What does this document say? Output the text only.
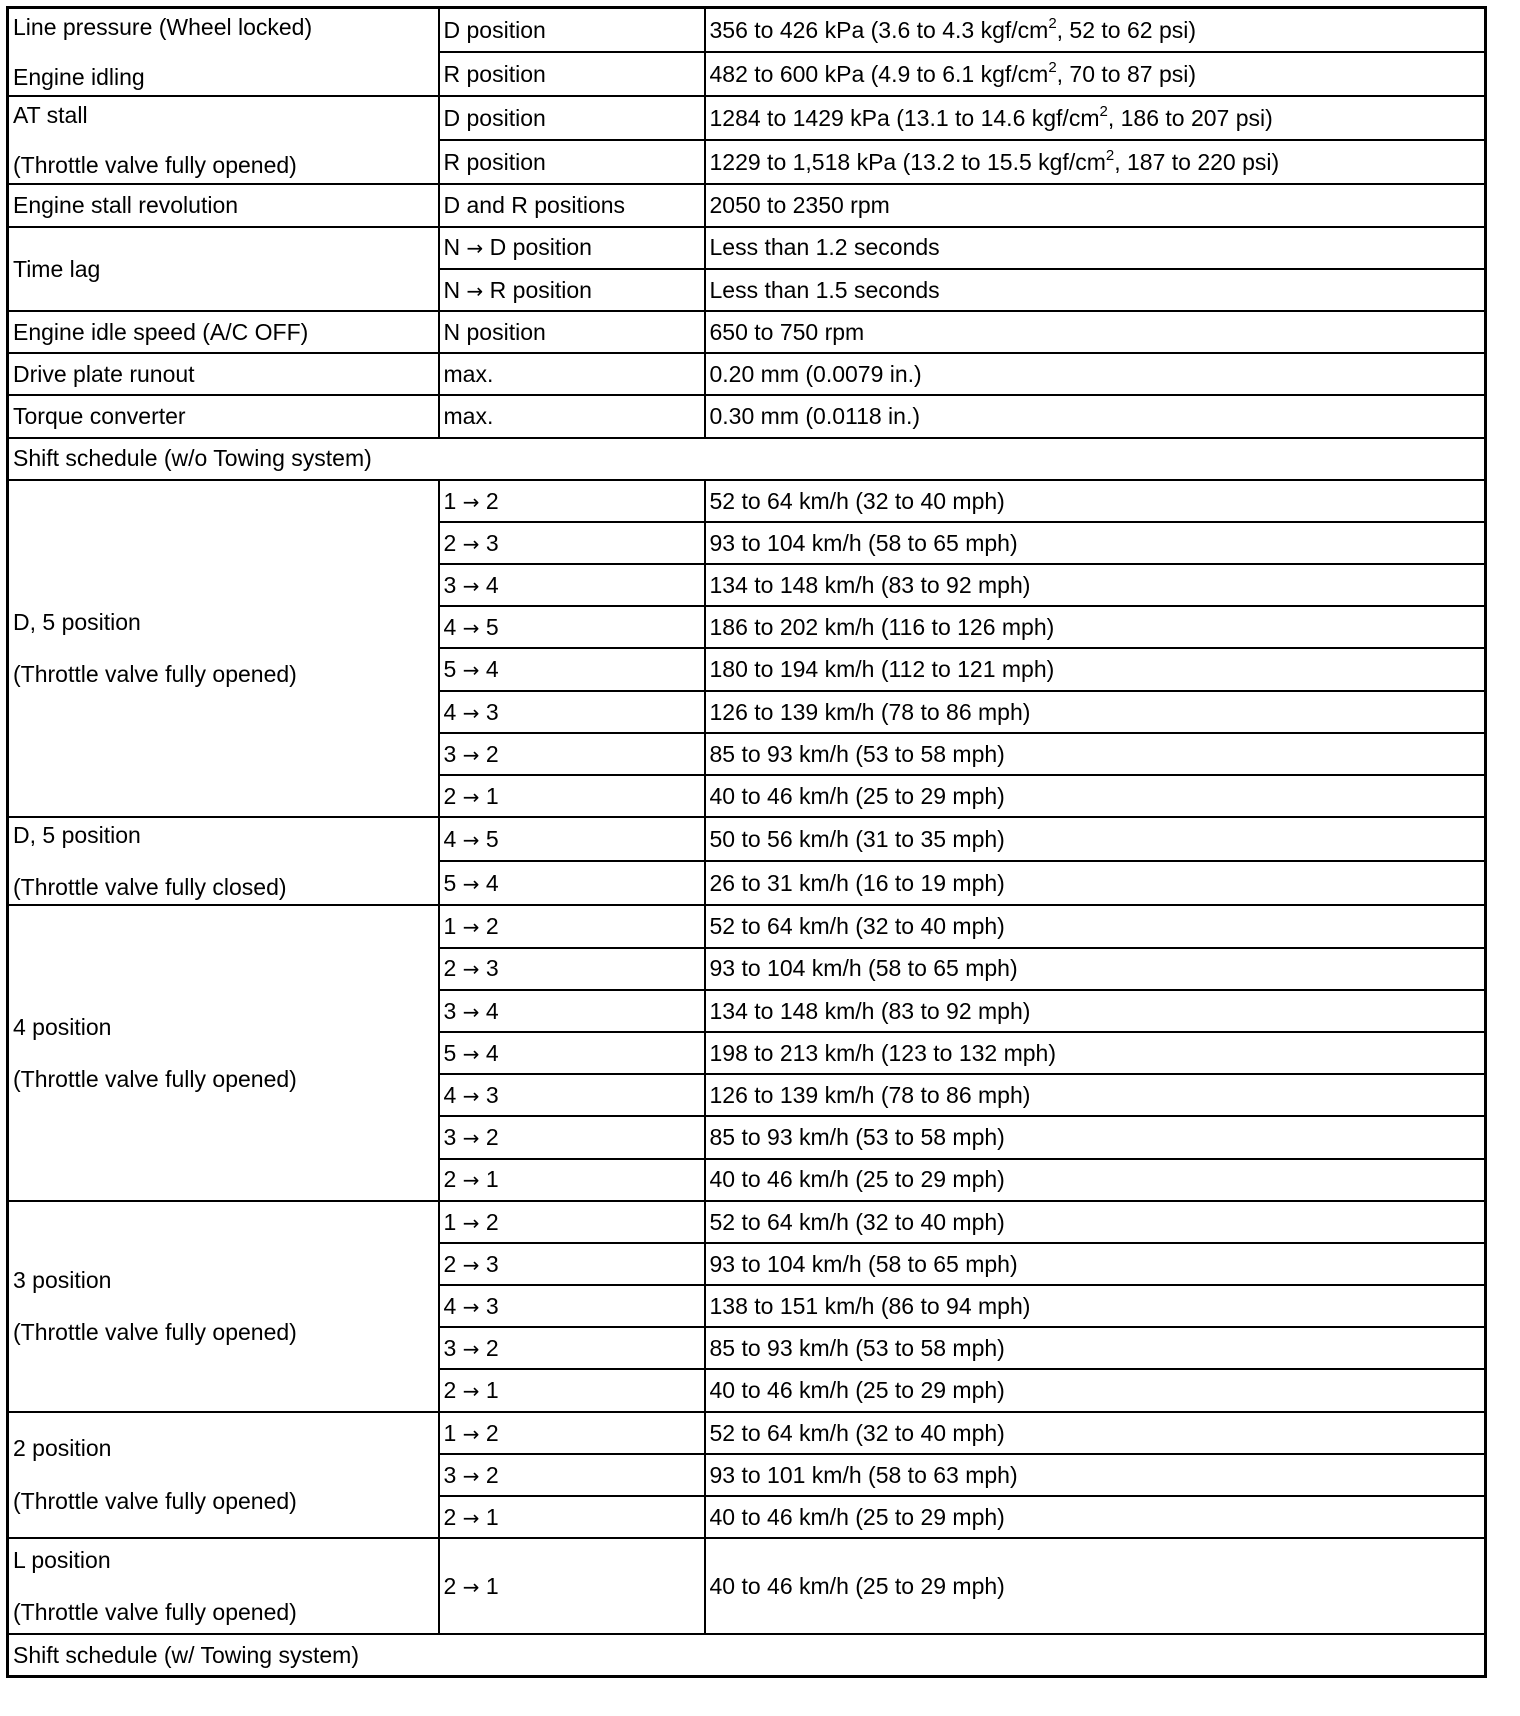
Line pressure (Wheel locked)
Engine idling	D position	356 to 426 kPa (3.6 to 4.3 kgf/$cm^2$, 52 to 62 psi)
	R position	482 to 600 kPa (4.9 to 6.1 kgf/$cm^2$, 70 to 87 psi)

AT stall
(Throttle valve fully opened)	D position	1284 to 1429 kPa (13.1 to 14.6 kgf/$cm^2$, 186 to 207 psi)
	R position	1229 to 1,518 kPa (13.2 to 15.5 kgf/$cm^2$, 187 to 220 psi)
Engine stall revolution	D and R positions	2050 to 2350 rpm
Time lag	N → D position	Less than 1.2 seconds
	N → R position	Less than 1.5 seconds
Engine idle speed (A/C OFF)	N position	650 to 750 rpm
Drive plate runout	max.	0.20 mm (0.0079 in.)
Torque converter	max.	0.30 mm (0.0118 in.)
Shift schedule (w/o Towing system)		

D, 5 position
(Throttle valve fully opened)	1 → 2	52 to 64 km/h (32 to 40 mph)
	2 → 3	93 to 104 km/h (58 to 65 mph)
	3 → 4	134 to 148 km/h (83 to 92 mph)
	4 → 5	186 to 202 km/h (116 to 126 mph)
	5 → 4	180 to 194 km/h (112 to 121 mph)
	4 → 3	126 to 139 km/h (78 to 86 mph)
	3 → 2	85 to 93 km/h (53 to 58 mph)
	2 → 1	40 to 46 km/h (25 to 29 mph)

D, 5 position
(Throttle valve fully closed)	4 → 5	50 to 56 km/h (31 to 35 mph)
	5 → 4	26 to 31 km/h (16 to 19 mph)

4 position
(Throttle valve fully opened)	1 → 2	52 to 64 km/h (32 to 40 mph)
	2 → 3	93 to 104 km/h (58 to 65 mph)
	3 → 4	134 to 148 km/h (83 to 92 mph)
	5 → 4	198 to 213 km/h (123 to 132 mph)
	4 → 3	126 to 139 km/h (78 to 86 mph)
	3 → 2	85 to 93 km/h (53 to 58 mph)
	2 → 1	40 to 46 km/h (25 to 29 mph)

3 position
(Throttle valve fully opened)	1 → 2	52 to 64 km/h (32 to 40 mph)
	2 → 3	93 to 104 km/h (58 to 65 mph)
	4 → 3	138 to 151 km/h (86 to 94 mph)
	3 → 2	85 to 93 km/h (53 to 58 mph)
	2 → 1	40 to 46 km/h (25 to 29 mph)

2 position
(Throttle valve fully opened)	1 → 2	52 to 64 km/h (32 to 40 mph)
	3 → 2	93 to 101 km/h (58 to 63 mph)
	2 → 1	40 to 46 km/h (25 to 29 mph)

L position
(Throttle valve fully opened)	2 → 1	40 to 46 km/h (25 to 29 mph)
Shift schedule (w/ Towing system)		
